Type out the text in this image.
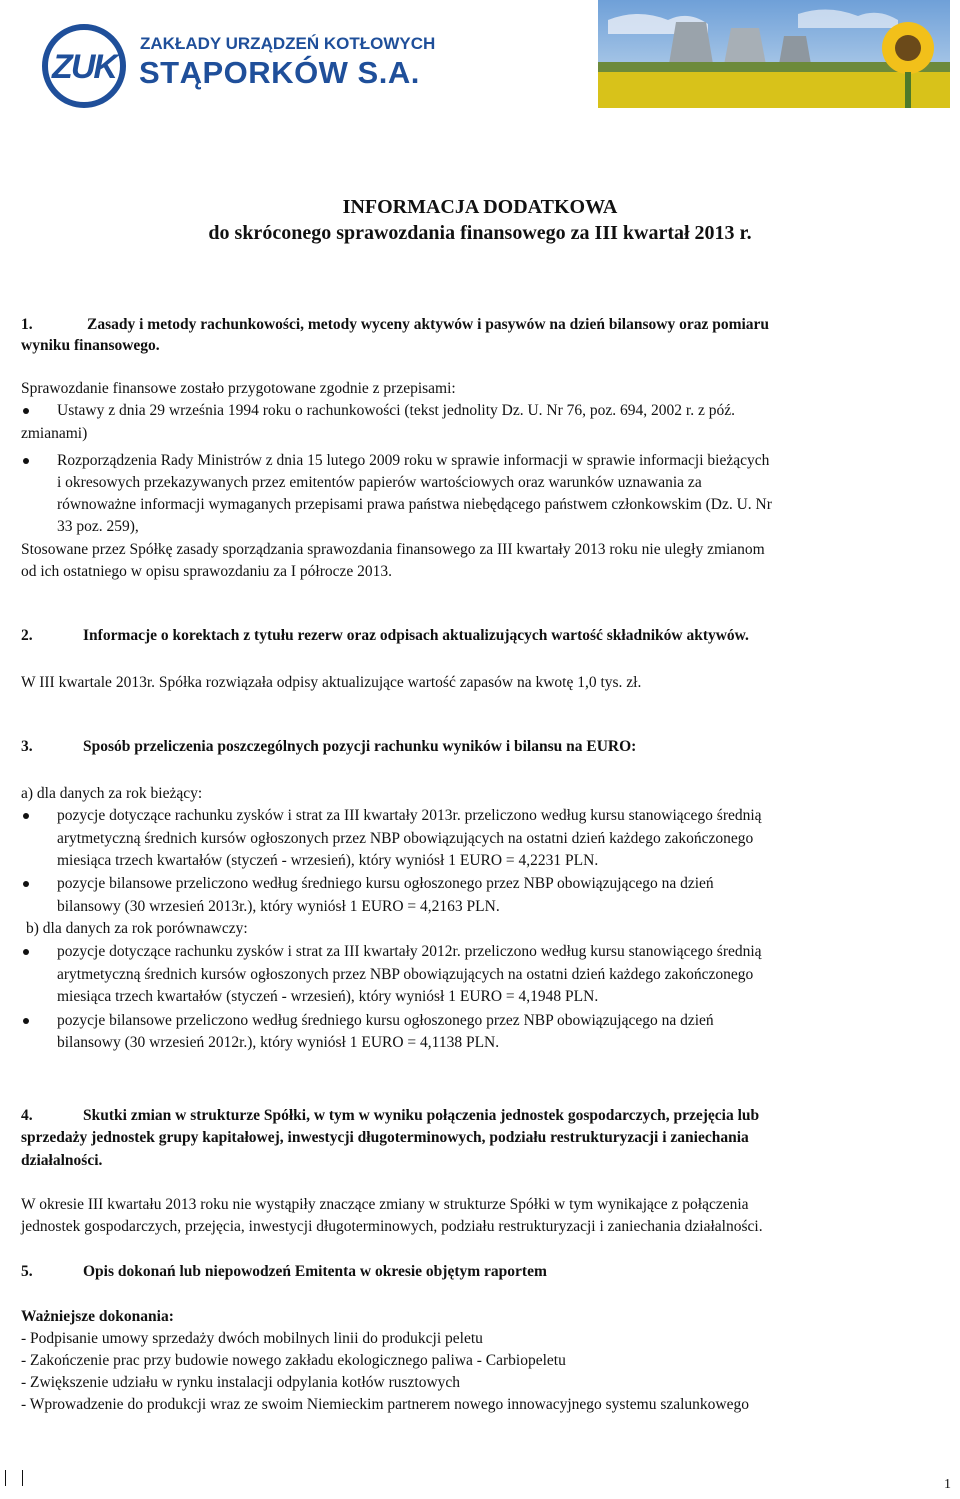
ZUK
ZAKŁADY URZĄDZEŃ KOTŁOWYCH
STĄPORKÓW S.A.
INFORMACJA DODATKOWA
do skróconego sprawozdania finansowego za III kwartał 2013 r.
1.	Zasady i metody rachunkowości, metody wyceny aktywów i pasywów na dzień bilansowy oraz pomiaru
wyniku finansowego.
Sprawozdanie finansowe zostało przygotowane zgodnie z przepisami:
Ustawy z dnia 29 września 1994 roku o rachunkowości (tekst jednolity Dz. U. Nr 76, poz. 694, 2002 r. z póź.
zmianami)
Rozporządzenia Rady Ministrów z dnia 15 lutego 2009 roku w sprawie informacji w sprawie informacji bieżących
i okresowych przekazywanych przez emitentów papierów wartościowych oraz warunków uznawania za
równoważne informacji wymaganych przepisami prawa państwa niebędącego państwem członkowskim (Dz. U. Nr
33 poz. 259),
Stosowane przez Spółkę zasady sporządzania sprawozdania finansowego za III kwartały 2013 roku nie uległy zmianom
od ich ostatniego w opisu sprawozdaniu za I półrocze 2013.
2.	Informacje o korektach z tytułu rezerw oraz odpisach aktualizujących wartość składników aktywów.
W III kwartale 2013r. Spółka rozwiązała odpisy aktualizujące wartość zapasów na kwotę 1,0 tys. zł.
3.	Sposób przeliczenia poszczególnych pozycji rachunku wyników i bilansu na EURO:
a) dla danych za rok bieżący:
pozycje dotyczące rachunku zysków i strat za III kwartały 2013r. przeliczono według kursu stanowiącego średnią
arytmetyczną średnich kursów ogłoszonych przez NBP obowiązujących na ostatni dzień każdego zakończonego
miesiąca trzech kwartałów (styczeń - wrzesień), który wyniósł 1 EURO = 4,2231 PLN.
pozycje bilansowe przeliczono według średniego kursu ogłoszonego przez NBP obowiązującego na dzień
bilansowy (30 wrzesień 2013r.), który wyniósł 1 EURO = 4,2163 PLN.
b) dla danych za rok porównawczy:
pozycje dotyczące rachunku zysków i strat za III kwartały 2012r. przeliczono według kursu stanowiącego średnią
arytmetyczną średnich kursów ogłoszonych przez NBP obowiązujących na ostatni dzień każdego zakończonego
miesiąca trzech kwartałów (styczeń - wrzesień), który wyniósł 1 EURO = 4,1948 PLN.
pozycje bilansowe przeliczono według średniego kursu ogłoszonego przez NBP obowiązującego na dzień
bilansowy (30 wrzesień 2012r.), który wyniósł 1 EURO = 4,1138 PLN.
4.	Skutki zmian w strukturze Spółki, w tym w wyniku połączenia jednostek gospodarczych, przejęcia lub
sprzedaży jednostek grupy kapitałowej, inwestycji długoterminowych, podziału restrukturyzacji i zaniechania
działalności.
W okresie III kwartału 2013 roku nie wystąpiły znaczące zmiany w strukturze Spółki w tym wynikające z połączenia
jednostek gospodarczych, przejęcia, inwestycji długoterminowych, podziału restrukturyzacji i zaniechania działalności.
5.	Opis dokonań lub niepowodzeń Emitenta w okresie objętym raportem
Ważniejsze dokonania:
- Podpisanie umowy sprzedaży dwóch mobilnych linii do produkcji peletu
- Zakończenie prac przy budowie nowego zakładu ekologicznego paliwa - Carbiopeletu
- Zwiększenie udziału w rynku instalacji odpylania kotłów rusztowych
- Wprowadzenie do produkcji wraz ze swoim Niemieckim partnerem nowego innowacyjnego systemu szalunkowego
1
